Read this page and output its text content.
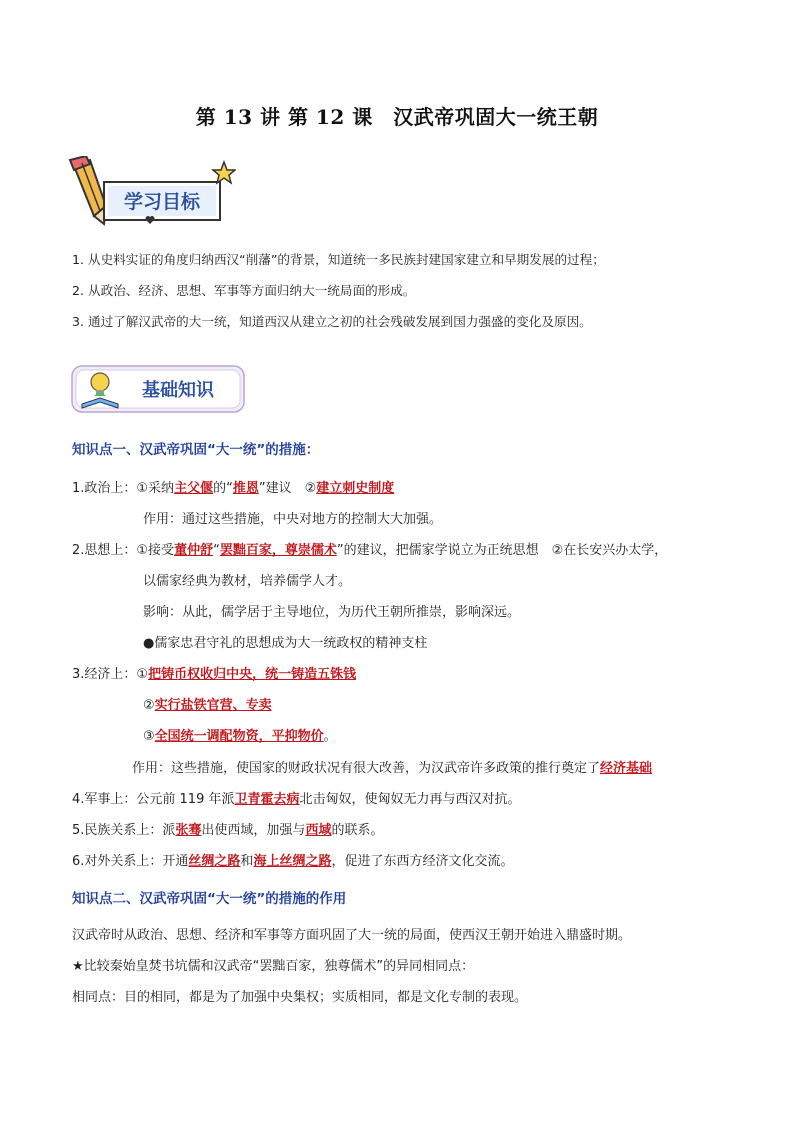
第 13 讲 第 12 课　汉武帝巩固大一统王朝
学习目标
1. 从史料实证的角度归纳西汉“削藩”的背景，知道统一多民族封建国家建立和早期发展的过程；
2. 从政治、经济、思想、军事等方面归纳大一统局面的形成。
3. 通过了解汉武帝的大一统，知道西汉从建立之初的社会残破发展到国力强盛的变化及原因。
基础知识
知识点一、汉武帝巩固“大一统”的措施：
1.政治上：①采纳主父偃的“推恩”建议　②建立刺史制度
作用：通过这些措施，中央对地方的控制大大加强。
2.思想上：①接受董仲舒“罢黜百家，尊崇儒术”的建议，把儒家学说立为正统思想　②在长安兴办太学，
以儒家经典为教材，培养儒学人才。
影响：从此，儒学居于主导地位，为历代王朝所推崇，影响深远。
●儒家忠君守礼的思想成为大一统政权的精神支柱
3.经济上：①把铸币权收归中央，统一铸造五铢钱
②实行盐铁官营、专卖
③全国统一调配物资，平抑物价。
作用：这些措施，使国家的财政状况有很大改善，为汉武帝许多政策的推行奠定了经济基础
4.军事上：公元前 119 年派卫青霍去病北击匈奴，使匈奴无力再与西汉对抗。
5.民族关系上：派张骞出使西域，加强与西域的联系。
6.对外关系上：开通丝绸之路和海上丝绸之路，促进了东西方经济文化交流。
知识点二、汉武帝巩固“大一统”的措施的作用
汉武帝时从政治、思想、经济和军事等方面巩固了大一统的局面，使西汉王朝开始进入鼎盛时期。
★比较秦始皇焚书坑儒和汉武帝“罢黜百家，独尊儒术”的异同相同点：
相同点：目的相同，都是为了加强中央集权；实质相同，都是文化专制的表现。
